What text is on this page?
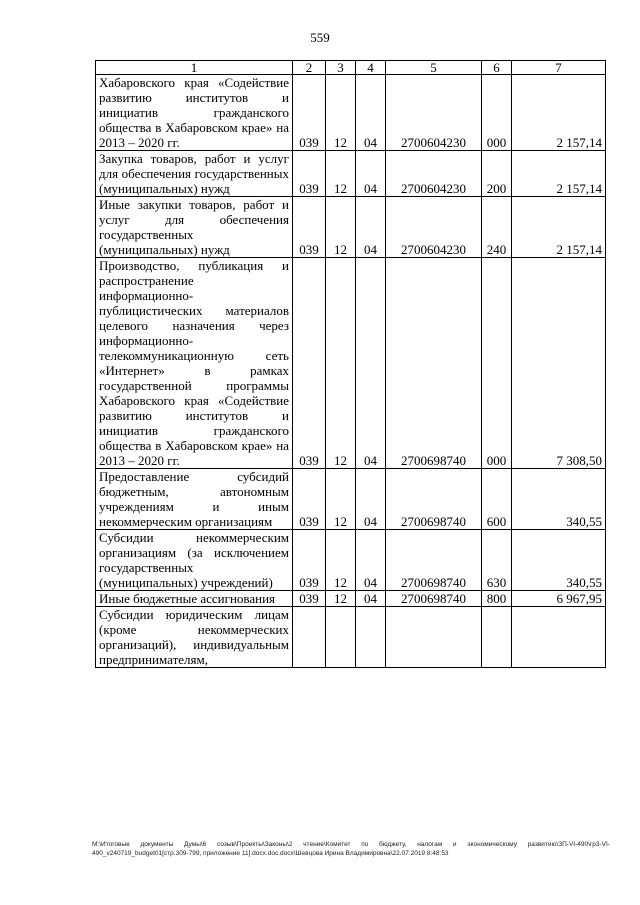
559
1	2	3	4	5	6	7
Хабаровского края «Содействие развитию институтов и инициатив гражданского общества в Хабаровском крае» на 2013 – 2020 гг.	039	12	04	2700604230	000	2 157,14
Закупка товаров, работ и услуг для обеспечения государственных (муниципальных) нужд	039	12	04	2700604230	200	2 157,14
Иные закупки товаров, работ и услуг для обеспечения государственных (муниципальных) нужд	039	12	04	2700604230	240	2 157,14
Производство, публикация и распространение информационно-публицистических материалов целевого назначения через информационно-телекоммуникационную сеть «Интернет» в рамках государственной программы Хабаровского края «Содействие развитию институтов и инициатив гражданского общества в Хабаровском крае» на 2013 – 2020 гг.	039	12	04	2700698740	000	7 308,50
Предоставление субсидий бюджетным, автономным учреждениям и иным некоммерческим организациям	039	12	04	2700698740	600	340,55
Субсидии некоммерческим организациям (за исключением государственных (муниципальных) учреждений)	039	12	04	2700698740	630	340,55
Иные бюджетные ассигнования	039	12	04	2700698740	800	6 967,95
Субсидии юридическим лицам (кроме некоммерческих организаций), индивидуальным предпринимателям,						
M:\Итоговые документы Думы\6 созыв\Проекты\Законы\2 чтение\Комитет по бюджету, налогам и экономическому развитию\ЗП-VI-490\гр3-VI-490_v240719_budget01[стр.309-799, приложение 11].docx.doc.docx\Шевцова Ирина Владимировна\22.07.2019 8:48:53
